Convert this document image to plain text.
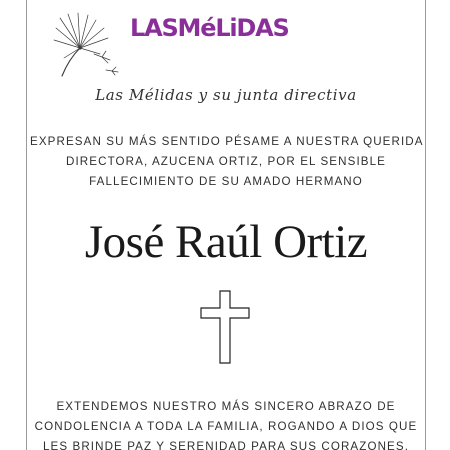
LASMéLiDAS
Las Mélidas y su junta directiva
EXPRESAN SU MÁS SENTIDO PÉSAME A NUESTRA QUERIDA
DIRECTORA, AZUCENA ORTIZ, POR EL SENSIBLE
FALLECIMIENTO DE SU AMADO HERMANO
José Raúl Ortiz
EXTENDEMOS NUESTRO MÁS SINCERO ABRAZO DE
CONDOLENCIA A TODA LA FAMILIA, ROGANDO A DIOS QUE
LES BRINDE PAZ Y SERENIDAD PARA SUS CORAZONES.
